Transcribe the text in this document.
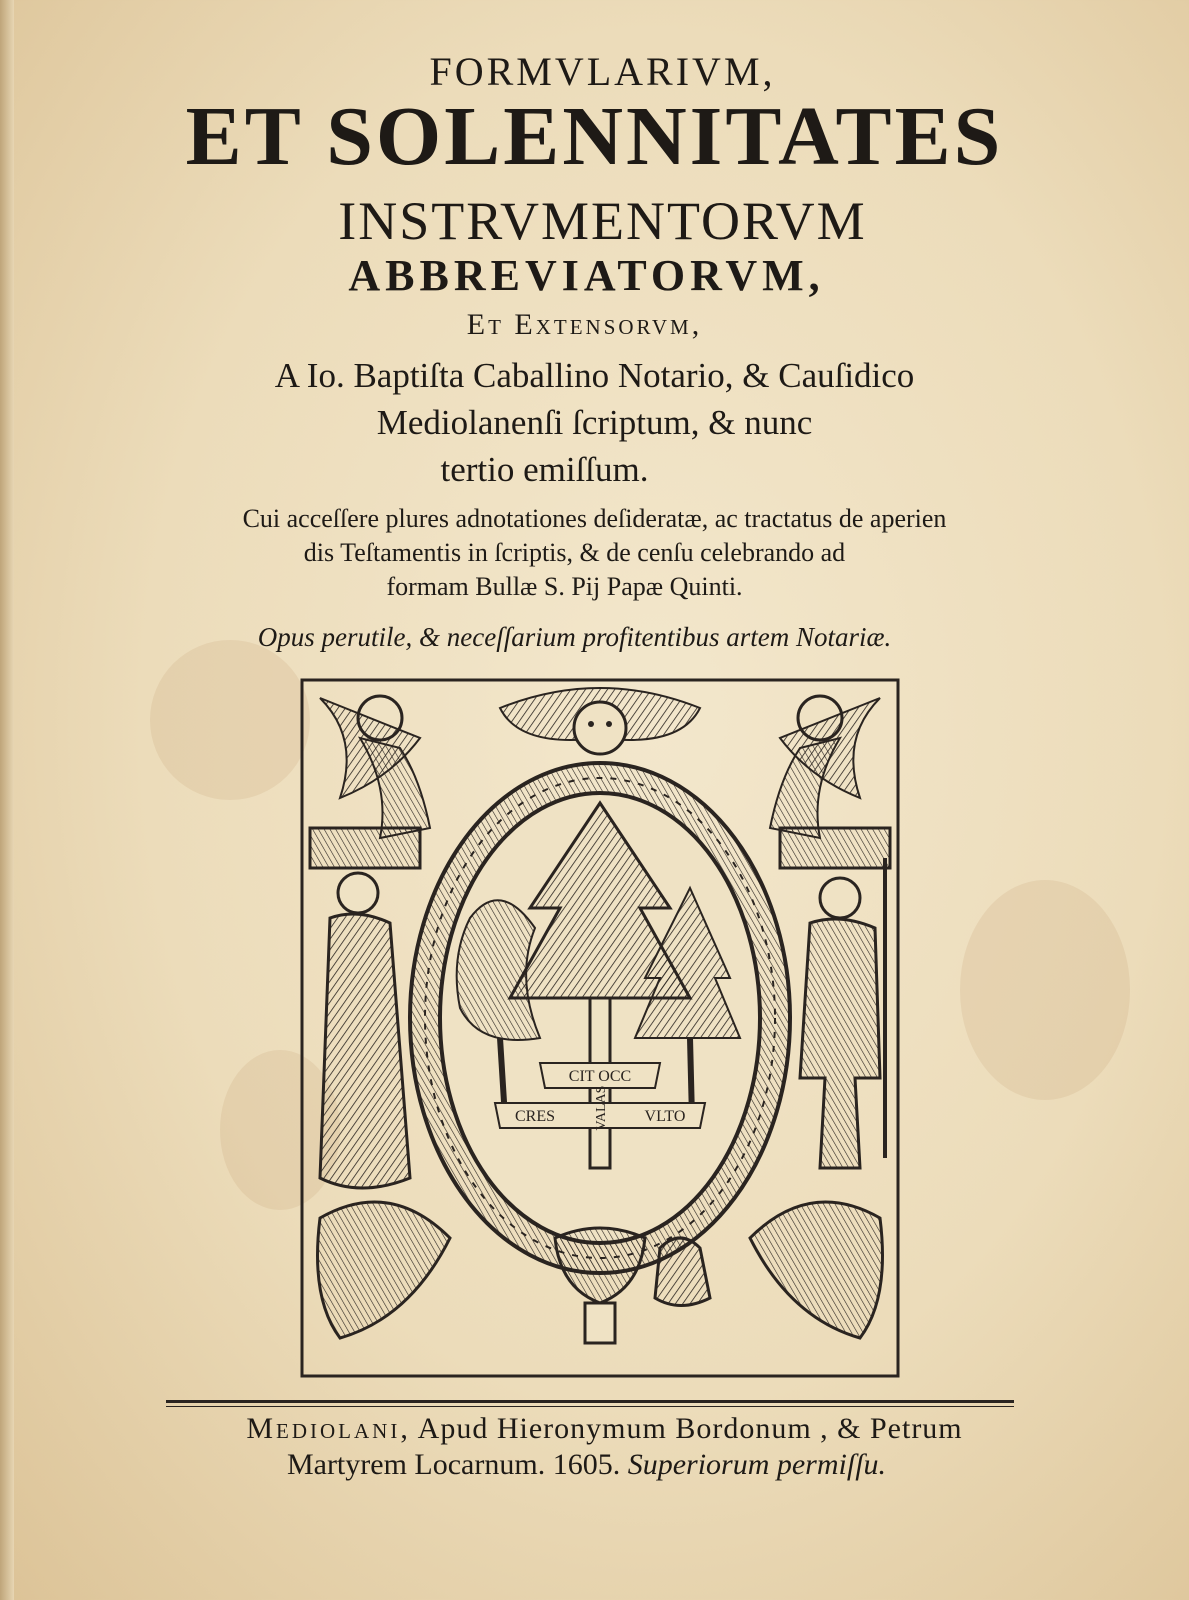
FORMVLARIVM,
ET SOLENNITATES
INSTRVMENTORVM
ABBREVIATORVM,
Et Extensorvm,
A Io. Baptiſta Caballino Notario, & Cauſidico
Mediolanenſi ſcriptum, & nunc
tertio emiſſum.
Cui acceſſere plures adnotationes deſideratæ, ac tractatus de aperien
dis Teſtamentis in ſcriptis, & de cenſu celebrando ad
formam Bullæ S. Pij Papæ Quinti.
Opus perutile, & neceſſarium profitentibus artem Notariæ.
CIT OCC
CRES	VLTO
VALAS
Mediolani, Apud Hieronymum Bordonum , & Petrum
Martyrem Locarnum. 1605. Superiorum permiſſu.
